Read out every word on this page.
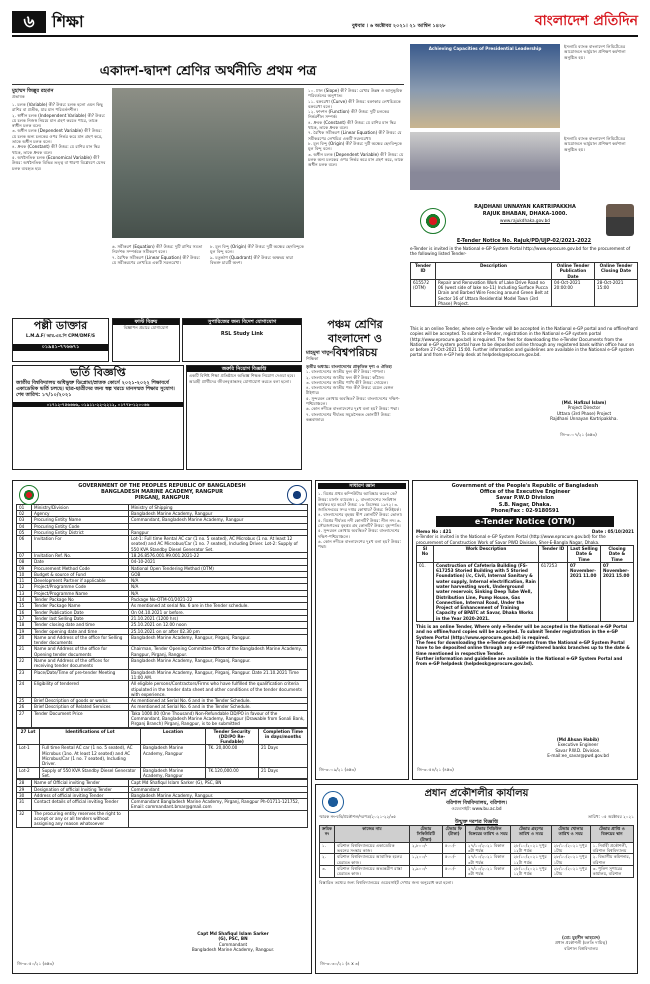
৬	শিক্ষা	বুধবার । ৬ অক্টোবর ২০২১। ২১ আশ্বিন ১৪২৮	বাংলাদেশ প্রতিদিন
একাদশ-দ্বাদশ শ্রেণির অর্থনীতি প্রথম পত্র
মুহাম্মদ জিল্লুর রহমান
প্রভাষক
১. চলক (Variable) কী? উত্তর: চলক হলো এমন কিছু রাশির বা প্রতীক, যার মান পরিবর্তনশীল।
২. স্বাধীন চলক (Independent Variable) কী? উত্তর: যে চলক নিজস্ব নিয়মে মান গ্রহণ করতে পারে, তাকে স্বাধীন চলক বলে।
৩. অধীন চলক (Dependent Variable) কী? উত্তর: যে চলক অন্য চলকের ওপর নির্ভর করে মান গ্রহণ করে, তাকে অধীন চলক বলে।
৪. ধ্রুবক (Constant) কী? উত্তর: যে রাশির মান স্থির থাকে, তাকে ধ্রুবক বলে।
৫. অর্থনৈতিক চলক (Economical Variable) কী? উত্তর: অর্থনৈতিক বিভিন্ন তত্ত্ব বা ধারণা বিশ্লেষণে যেসব চলক ব্যবহৃত হয়।
৬. সমীকরণ (Equation) কী? উত্তর: দুটি রাশির সমতা নির্দেশক সম্পর্ককে সমীকরণ বলে।
৭. রৈখিক সমীকরণ (Linear Equation) কী? উত্তর: যে সমীকরণের লেখচিত্র একটি সরলরেখা।
৮. মূল বিন্দু (Origin) কী? উত্তর: দুটি অক্ষের ছেদবিন্দুকে মূল বিন্দু বলে।
৯. চতুর্ভাগ (Quadrant) কী? উত্তর: অক্ষদ্বয় দ্বারা বিভক্ত চারটি অংশ।
১০. ঢাল (Slope) কী? উত্তর: রেখার উল্লম্ব ও আনুভূমিক পরিবর্তনের অনুপাত।
১১. বক্ররেখা (Curve) কী? উত্তর: বক্রাকার লেখচিত্রকে বক্ররেখা বলে।
১২. ফাংশন (Function) কী? উত্তর: দুটি চলকের নির্ভরশীল সম্পর্ক।
৪. ধ্রুবক (Constant) কী? উত্তর: যে রাশির মান স্থির থাকে, তাকে ধ্রুবক বলে।
৭. রৈখিক সমীকরণ (Linear Equation) কী? উত্তর: যে সমীকরণের লেখচিত্র একটি সরলরেখা।
৮. মূল বিন্দু (Origin) কী? উত্তর: দুটি অক্ষের ছেদবিন্দুকে মূল বিন্দু বলে।
৩. অধীন চলক (Dependent Variable) কী? উত্তর: যে চলক অন্য চলকের ওপর নির্ভর করে মান গ্রহণ করে, তাকে অধীন চলক বলে।
পল্লী ডাক্তার
L.M.A.F/ আর.এম.পি CPM/DMF/S
০১৯৪১-৭৭৬৬৭১
ফাস্ট বিক্রয়
বিজ্ঞাপন প্রচারে যোগাযোগ
সুপারিজের জন্য বিদেশ যোগাযোগ
RSL Study Link
ভর্তি বিজ্ঞপ্তি
জাতীয় বিশ্ববিদ্যালয় অধিভুক্ত ডিপ্লোমা/স্নাতক কোর্সে ২০২১-২০২২ শিক্ষাবর্ষে একাডেমিক ভর্তি চলছে। ছাত্র-ছাত্রীদের জন্য স্বল্প খরচে মানসম্মত শিক্ষার সুযোগ। শেষ তারিখ: ১৭/১০/২০২১
০১৭১২-৭৫৬৬৬৬, ০১৯১১-২২-২২১২, ০১৭৭৮-১২০০৬৬
জরুরি নিয়োগ বিজ্ঞপ্তি
একটি বিশিষ্ট শিক্ষা প্রতিষ্ঠানে অভিজ্ঞ শিক্ষক নিয়োগ দেওয়া হবে। আগ্রহী প্রার্থীদের জীবনবৃত্তান্তসহ যোগাযোগ করতে বলা হলো।
পঞ্চম শ্রেণির বাংলাদেশ ও বিশ্বপরিচয়
মাহমুদা খাতুন
শিক্ষিকা
তৃতীয় অধ্যায়: বাংলাদেশের প্রাকৃতিক দৃশ্য ও ঐতিহ্য
১. বাংলাদেশের জাতীয় ফুল কী? উত্তর: শাপলা।
২. বাংলাদেশের জাতীয় ফল কী? উত্তর: কাঁঠাল।
৩. বাংলাদেশের জাতীয় পাখি কী? উত্তর: দোয়েল।
৪. বাংলাদেশের জাতীয় পশু কী? উত্তর: রয়েল বেঙ্গল টাইগার।
৫. সুন্দরবন কোথায় অবস্থিত? উত্তর: বাংলাদেশের দক্ষিণ-পশ্চিমাঞ্চলে।
৬. কোন নদীকে বাংলাদেশের দুঃখ বলা হয়? উত্তর: পদ্মা।
৭. বাংলাদেশের দীর্ঘতম সমুদ্রসৈকত কোনটি? উত্তর: কক্সবাজার।
Achieving Capacities of Presidential Leadership	ইসলামি ব্যাংক বাংলাদেশ লিমিটেডের আয়োজনে ভার্চুয়াল প্রশিক্ষণ কর্মশালা অনুষ্ঠিত হয়।
ইসলামি ব্যাংক বাংলাদেশ লিমিটেডের আয়োজনে ভার্চুয়াল প্রশিক্ষণ কর্মশালা অনুষ্ঠিত হয়।
RAJDHANI UNNAYAN KARTRIPAKKHA
RAJUK BHABAN, DHAKA-1000.
www.rajukdhaka.gov.bd
E-Tender Notice No. Rajuk/PD/UJP-02/2021-2022
e-Tender is invited in the National e-GP System Portal http://www.eprocure.gov.bd for the procurement of the following listed Tender-
Tender ID	Description	Online Tender Publication Date	Online Tender Closing Date
615572 (OTM)	Repair and Renovation Work of Lake Drive Road no 06 (west side of lake no-11) Including Surface Pucca Drain and Barbed Wire Fencing around Green Belt at Sector 16 of Uttara Residential Model Town (3rd Phase) Project.	04-Oct-2021 20:00:00	28-Oct-2021 15:00
This is an online Tender, where only e-Tender will be accepted in the National e-GP portal and no offline/hard copies will be accepted. To submit e-Tender, registration in the National e-GP system portal (http://www.eprocure.gov.bd) is required. The fees for downloading the e-Tender Documents from the National e-GP system portal have to be deposited online through any registered bank within office hour on or before 27-Oct-2021 15:00. Further information and guidelines are available in the National e-GP system portal and from e-GP help desk at helpdesk@eprocure.gov.bd.
(Md. Hafizul Islam)
Project Director
Uttara (3rd Phase) Project
Rajdhani Unnayan Kartripakkha.
জি-৩০০৭/২১ (৬x৩)
GOVERNMENT OF THE PEOPLES REPUBLIC OF BANGLADESH
BANGLADESH MARINE ACADEMY, RANGPUR
PIRGANJ, RANGPUR
01	Ministry/Division	Ministry of Shipping
02	Agency	Bangladesh Marine Academy, Rangpur
03	Procuring Entity Name	Commandant, Bangladesh Marine Academy, Rangpur
04	Procuring Entity Code	
05	Procuring Entity District	Rangpur
06	Invitation For	Lot-1: Full time Rental AC car (1 no. 5 seated), AC Microbus (1 no. At least 12 seated) and AC Microbus/Car (1 no. 7 seated), Including Driver. Lot-2: Supply of 550 KVA Standby Diesel Generator Set.
07	Invitation Ref. No.	18.26.8576.001.99.001.2021-22
08	Date	04-10-2021
09	Procurement Method Code	National Open Tendering Method (OTM)
10	Budget & source of Fund	GOB
11	Development Partner if applicable	N/A
12	Project/Programme Code	N/A
13	Project/Programme Name	N/A
14	Tender Package No	Package No-OTM-01/2021-22
15	Tender Package Name	As mentioned at serial No. 6 are in the Tender schedule.
16	Tender Publication Date	On 04.10.2021 or before.
17	Tender last Selling Date	21.10.2021 (1200 hrs)
18	Tender closing date and time	25.10.2021 on 12.00 noon
19	Tender opening date and time	25.10.2021 on or after 02.30 pm
20	Name and Address of the office for Selling tender documents	Bangladesh Marine Academy, Rangpur, Pirganj, Rangpur.
21	Name and Address of the office for Opening tender documents	Chairman, Tender Opening Committee Office of the Bangladesh Marine Academy, Rangpur, Pirganj, Rangpur.
22	Name and Address of the offices for receiving tender documents	Bangladesh Marine Academy, Rangpur, Pirganj, Rangpur.
23	Place/Date/Time of pre-tender Meeting	Bangladesh Marine Academy, Rangpur, Pirganj, Rangpur. Date 21.10.2021 Time 11:00 AM.
24	Eligibility of tendered	All eligible persons/Contractors/Firms who have fulfilled the qualification criteria stipulated in the tender data sheet and other conditions of the tender documents with experience.
25	Brief Description of goods or works	As mentioned at Serial No. 6 and in the Tender Schedule.
26	Brief Description of Related Services	As mentioned at Serial No. 6 and in the Tender Schedule.
27	Tender Document Price	Taka 1000.00 (One Thousand) Non-Refundable DD/PO in favour of the Commandant, Bangladesh Marine Academy, Rangpur (Drawable from Sonali Bank, Pirganj Branch) Pirganj, Rangpur, is to be submitted
27 Lot	Identifications of Lot	Location	Tender Security (DD/PO Re-Fundable)	Completion Time in days/months
Lot-1	Full time Rental AC car (1 no. 5 seated), AC Microbus (1no. At least 12 seated) and AC Microbus/Car (1 no. 7 seated), Including Driver.	Bangladesh Marine Academy, Rangpur	TK. 20,000.00	21 Days
Lot-2	Supply of 550 KVA Standby Diesel Generator Set.	Bangladesh Marine Academy, Rangpur	TK.120,000.00	21 Days
28	Name of Official inviting Tender	Capt Md Shafiqul Islam Sarker (G), PSC, BN
29	Designation of official Inviting Tender	Commandant
30	Address of official inviting Tender	Bangladesh Marine Academy, Rangpur.
31	Contact details of official inviting Tender	Commandant Bangladesh Marine Academy, Pirganj, Rangpur Ph-01711-121752, Email: commandant.bmar@gmail.com
32	The procuring entity reserves the right to accept or any or all tenders without assigning any reason whatsoever	
Capt Md Shafiqul Islam Sarker
(G), PSC, BN
Commandant
Bangladesh Marine Academy, Rangpur.
জি-৩০৫০/২১ (৬x৩)
সাধারণ জ্ঞান
১. বিশ্বের প্রথম কম্পিউটার আবিষ্কার করেন কে? উত্তর: চার্লস ব্যাবেজ। ২. বাংলাদেশের সংবিধান কার্যকর হয় কবে? উত্তর: ১৬ ডিসেম্বর ১৯৭২। ৩. জাতিসংঘের সদর দপ্তর কোথায়? উত্তর: নিউইয়র্ক। ৪. বাংলাদেশের বৃহত্তম দ্বীপ কোনটি? উত্তর: ভোলা। ৫. বিশ্বের দীর্ঘতম নদী কোনটি? উত্তর: নীল নদ। ৬. সৌরজগতের বৃহত্তম গ্রহ কোনটি? উত্তর: বৃহস্পতি।
৫. সুন্দরবন কোথায় অবস্থিত? উত্তর: বাংলাদেশের দক্ষিণ-পশ্চিমাঞ্চলে।
৬. কোন নদীকে বাংলাদেশের দুঃখ বলা হয়? উত্তর: পদ্মা।
জি-৩০০৯/২১ (৬x৩)
Government of the People's Republic of Bangladesh
Office of the Executive Engineer
Savar P.W.D Division
S.B. Nagar, Dhaka.
Phone/Fax : 02-9180591
e-Tender Notice (OTM)
Memo No : 421	Date : 05/10/2021
e-Tender is invited in the National e-GP System Portal (http://www.eprocure.gov.bd) for the procurement of Construction Work of Savar PWD Division, Sher-E-Bangla Nagar, Dhaka.
Sl No	Work Description	Tender ID	Last Selling Date & Time	Closing Date & Time
01.	Construction of Cafeteria Building (FS-617253 Storied Building with 5 Storied Foundation) i/c, Civil, Internal Sanitary & water supply, Internal electrification, Rain water harvesting work, Underground water reservoir, Sinking Deep Tube Well, Distribution Line, Pump House, Gas Connection, Internal Road, Under the Project of Enhancement of Training Capacity of BPATC at Savar, Dhaka Works in the Year 2020-2021.	617253	07 November-2021 11.00	07 November-2021 15.00
This is an online Tender, Where only e-Tender will be accepted in the National e-GP Portal and no offline/hard copies will be accepted. To submit Tender registration in the e-GP System Portal (http://www.eprocure.gov.bd) is required.
The fees for downloading the e-Tender documents from the National e-GP System Portal have to be deposited online through any e-GP registered banks branches up to the date & time mentioned in respective Tender.
Further information and guideline are available in the National e-GP System Portal and from e-GP helpdesk (helpdesk@eprocure.gov.bd).
(Md Ahsan Habib)
Executive Engineer
Savar P.W.D. Division.
E-mail:ee_savar@pwd.gov.bd
জি-৩০৫৪/২১ (৪x৩)
প্রধান প্রকৌশলীর কার্যালয়
বরিশাল বিশ্ববিদ্যালয়, বরিশাল।
ওয়েবসাইট: www.bu.ac.bd
স্মারক নং-ববি/প্রকৌশল/দরপত্র/২০২১-২২/৩৫	তারিখ: ০৫ অক্টোবর ২০২১
উন্মুক্ত দরপত্র বিজ্ঞপ্তি
ক্রমিক নং	কাজের নাম	টেন্ডার সিকিউরিটি (টাকা)	টেন্ডার ফি (টাকা)	টেন্ডার সিডিউল বিক্রয়ের তারিখ ও সময়	টেন্ডার গ্রহণের তারিখ ও সময়	টেন্ডার খোলার তারিখ ও সময়	টেন্ডার প্রাপ্তি ও বিক্রয়ের স্থান
১.	বরিশাল বিশ্ববিদ্যালয়ের একাডেমিক ভবনের সংস্কার কাজ।	২,৮০০/-	৫০০/-	২৭/১০/২০২১ বিকাল ৩টা পর্যন্ত	২৮/১০/২০২১ দুপুর ১২টা পর্যন্ত	২৮/১০/২০২১ দুপুর ১টায়	১. নির্বাহী প্রকৌশলী, বরিশাল বিশ্ববিদ্যালয়
২.	বরিশাল বিশ্ববিদ্যালয়ের আবাসিক হলের মেরামত কাজ।	১,২০০/-	৫০০/-	২৭/১০/২০২১ বিকাল ৩টা পর্যন্ত	২৮/১০/২০২১ দুপুর ১২টা পর্যন্ত	২৮/১০/২০২১ দুপুর ১টায়	২. বিভাগীয় কমিশনার, বরিশাল
৩.	বরিশাল বিশ্ববিদ্যালয়ের অভ্যন্তরীণ রাস্তা মেরামত কাজ।	২,৯০০/-	৫০০/-	২৭/১০/২০২১ বিকাল ৩টা পর্যন্ত	২৮/১০/২০২১ দুপুর ১২টা পর্যন্ত	২৮/১০/২০২১ দুপুর ১টায়	৩. পুলিশ সুপারের কার্যালয়, বরিশাল
বিস্তারিত তথ্যের জন্য বিশ্ববিদ্যালয়ের ওয়েবসাইট দেখার জন্য অনুরোধ করা হলো।
(মো: মুহসীন আহমেদ)
প্রধান প্রকৌশলী (চলতি দায়িত্ব)
বরিশাল বিশ্ববিদ্যালয়
জি-৩০৩০/২১ (৪ x ৩)
